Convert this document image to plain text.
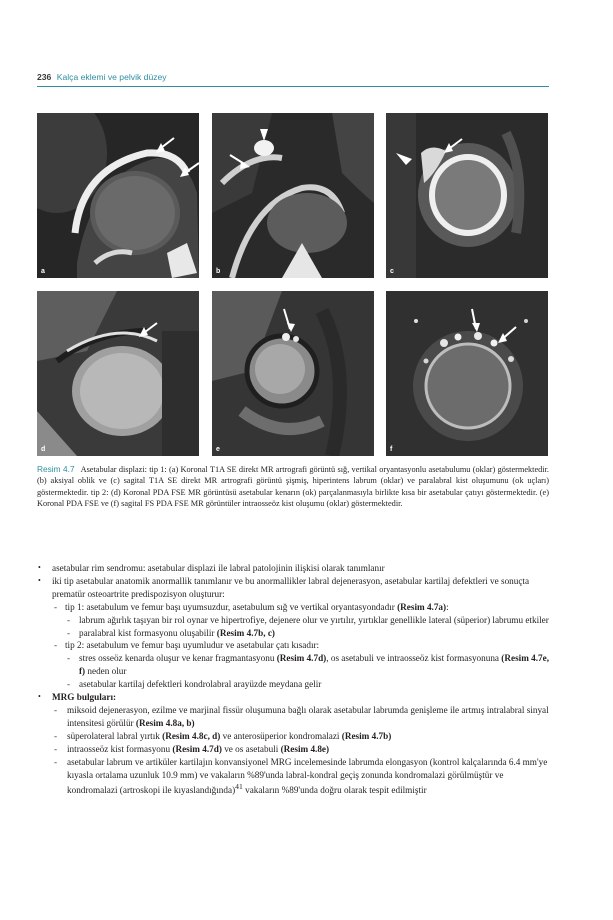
236 Kalça eklemi ve pelvik düzey
a	b	c
d	e	f
Resim 4.7 Asetabular displazi: tip 1: (a) Koronal T1A SE direkt MR artrografi görüntü sığ, vertikal oryantasyonlu asetabulumu (oklar) göstermektedir. (b) aksiyal oblik ve (c) sagital T1A SE direkt MR artrografi görüntü şişmiş, hiperintens labrum (oklar) ve paralabral kist oluşumunu (ok uçları) göstermektedir. tip 2: (d) Koronal PDA FSE MR görüntüsü asetabular kenarın (ok) parçalanmasıyla birlikte kısa bir asetabular çatıyı göstermektedir. (e) Koronal PDA FSE ve (f) sagital FS PDA FSE MR görüntüler intraosseöz kist oluşumu (oklar) göstermektedir.
• asetabular rim sendromu: asetabular displazi ile labral patolojinin ilişkisi olarak tanımlanır
• iki tip asetabular anatomik anormallik tanımlanır ve bu anormallikler labral dejenerasyon, asetabular kartilaj defektleri ve sonuçta prematür osteoartrite predispozisyon oluşturur:
- tip 1: asetabulum ve femur başı uyumsuzdur, asetabulum sığ ve vertikal oryantasyondadır (Resim 4.7a):
- labrum ağırlık taşıyan bir rol oynar ve hipertrofiye, dejenere olur ve yırtılır, yırtıklar genellikle lateral (süperior) labrumu etkiler
- paralabral kist formasyonu oluşabilir (Resim 4.7b, c)
- tip 2: asetabulum ve femur başı uyumludur ve asetabular çatı kısadır:
- stres osseöz kenarda oluşur ve kenar fragmantasyonu (Resim 4.7d), os asetabuli ve intraosseöz kist formasyonuna (Resim 4.7e, f) neden olur
- asetabular kartilaj defektleri kondrolabral arayüzde meydana gelir
• MRG bulguları:
- miksoid dejenerasyon, ezilme ve marjinal fissür oluşumuna bağlı olarak asetabular labrumda genişleme ile artmış intralabral sinyal intensitesi görülür (Resim 4.8a, b)
- süperolateral labral yırtık (Resim 4.8c, d) ve anterosüperior kondromalazi (Resim 4.7b)
- intraosseöz kist formasyonu (Resim 4.7d) ve os asetabuli (Resim 4.8e)
- asetabular labrum ve artiküler kartilajın konvansiyonel MRG incelemesinde labrumda elongasyon (kontrol kalçalarında 6.4 mm'ye kıyasla ortalama uzunluk 10.9 mm) ve vakaların %89'unda labral-kondral geçiş zonunda kondromalazi görülmüştür ve kondromalazi (artroskopi ile kıyaslandığında)$^{41}$ vakaların %89'unda doğru olarak tespit edilmiştir
